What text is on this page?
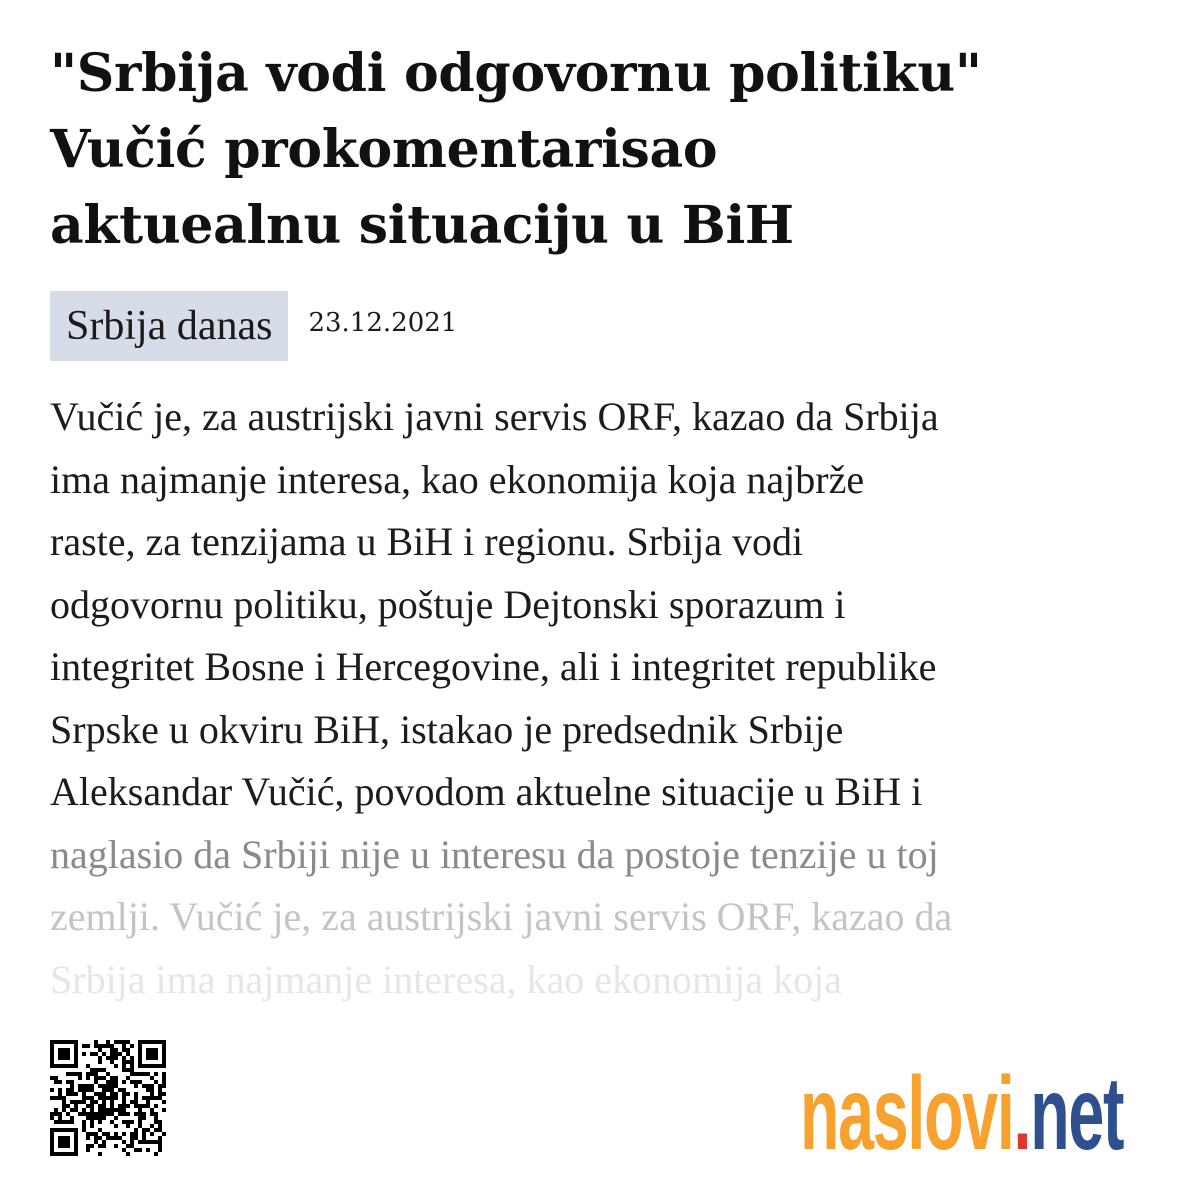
"Srbija vodi odgovornu politiku"
Vučić prokomentarisao
aktuealnu situaciju u BiH
Srbija danas	23.12.2021
Vučić je, za austrijski javni servis ORF, kazao da Srbija
ima najmanje interesa, kao ekonomija koja najbrže
raste, za tenzijama u BiH i regionu. Srbija vodi
odgovornu politiku, poštuje Dejtonski sporazum i
integritet Bosne i Hercegovine, ali i integritet republike
Srpske u okviru BiH, istakao je predsednik Srbije
Aleksandar Vučić, povodom aktuelne situacije u BiH i
naglasio da Srbiji nije u interesu da postoje tenzije u toj
zemlji. Vučić je, za austrijski javni servis ORF, kazao da
Srbija ima najmanje interesa, kao ekonomija koja
naslovi.net
